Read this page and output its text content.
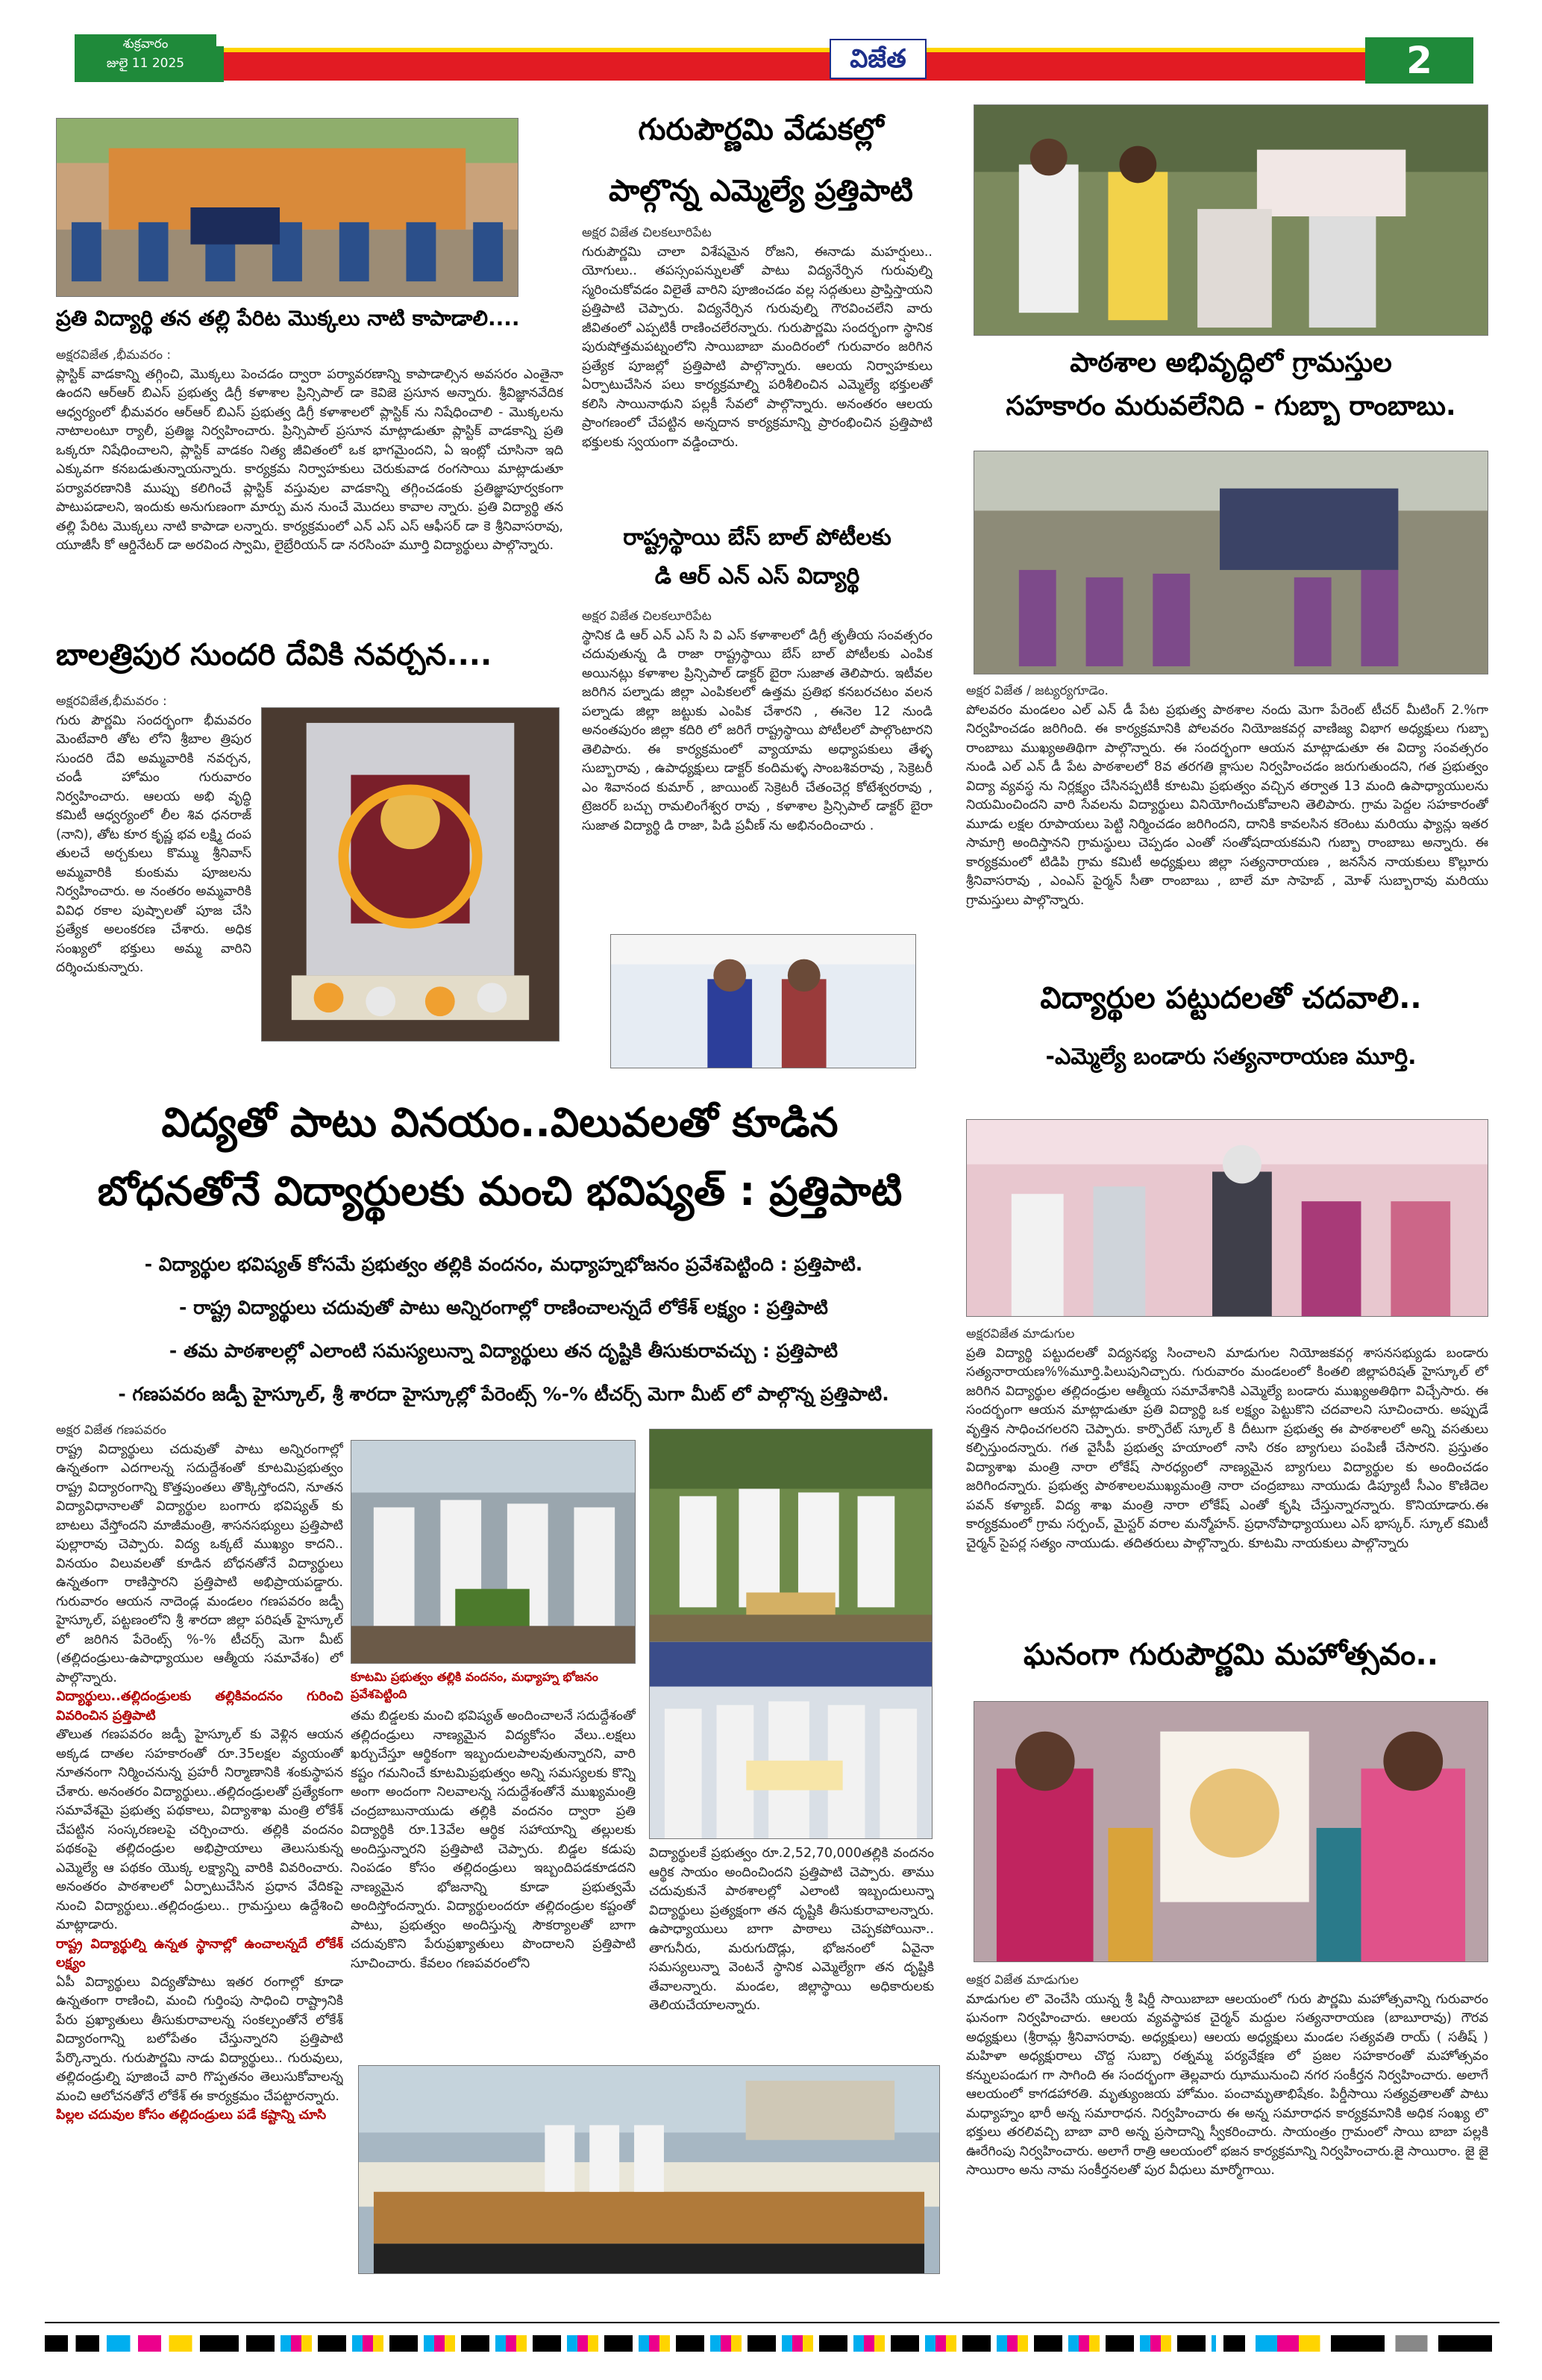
శుక్రవారం
జులై 11 2025	విజేత	2
ప్రతి విద్యార్థి తన తల్లి పేరిట మొక్కలు నాటి కాపాడాలి....
అక్షరవిజేత ,భీమవరం :
ప్లాస్టిక్ వాడకాన్ని తగ్గించి, మొక్కలు పెంచడం ద్వారా పర్యావరణాన్ని కాపాడాల్సిన అవసరం ఎంతైనా ఉందని ఆర్ఆర్ బిఎస్ ప్రభుత్వ డిగ్రీ కళాశాల ప్రిన్సిపాల్ డా కెవిజె ప్రసూన అన్నారు. శ్రీవిజ్ఞానవేదిక ఆధ్వర్యంలో భీమవరం ఆర్ఆర్ బిఎస్ ప్రభుత్వ డిగ్రీ కళాశాలలో ప్లాస్టిక్ ను నిషేధించాలి - మొక్కలను నాటాలంటూ ర్యాలీ, ప్రతిజ్ఞ నిర్వహించారు. ప్రిన్సిపాల్ ప్రసూన మాట్లాడుతూ ప్లాస్టిక్ వాడకాన్ని ప్రతి ఒక్కరూ నిషేధించాలని, ప్లాస్టిక్ వాడకం నిత్య జీవితంలో ఒక భాగమైందని, ఏ ఇంట్లో చూసినా ఇది ఎక్కువగా కనబడుతున్నాయన్నారు. కార్యక్రమ నిర్వాహకులు చెరుకువాడ రంగసాయి మాట్లాడుతూ పర్యావరణానికి ముప్పు కలిగించే ప్లాస్టిక్ వస్తువుల వాడకాన్ని తగ్గించడంకు ప్రతిజ్ఞాపూర్వకంగా పాటుపడాలని, ఇందుకు అనుగుణంగా మార్పు మన నుంచే మొదలు కావాల న్నారు. ప్రతి విద్యార్థి తన తల్లి పేరిట మొక్కలు నాటి కాపాడా లన్నారు. కార్యక్రమంలో ఎన్ ఎస్ ఎస్ ఆఫీసర్ డా కె శ్రీనివాసరావు, యూజీసీ కో ఆర్డినేటర్ డా అరవింద స్వామి, లైబ్రేరియన్ డా నరసింహ మూర్తి విద్యార్థులు పాల్గొన్నారు.
బాలత్రిపుర సుందరి దేవికి నవర్చన....
అక్షరవిజేత,భీమవరం :
గురు పౌర్ణమి సందర్భంగా భీమవరం మెంటేవారి తోట లోని శ్రీబాల త్రిపుర సుందరి దేవి అమ్మవారికి నవర్చన, చండీ హోమం గురువారం నిర్వహించారు. ఆలయ అభి వృద్ధి కమిటీ ఆధ్వర్యంలో లీల శివ ధనరాజ్ (నాని), తోట కూర కృష్ణ భవ లక్ష్మి దంప తులచే అర్చకులు కొమ్ము శ్రీనివాస్ అమ్మవారికి కుంకుమ పూజలను నిర్వహించారు. అ నంతరం అమ్మవారికి వివిధ రకాల పుష్పాలతో పూజ చేసి ప్రత్యేక అలంకరణ చేశారు. అధిక సంఖ్యలో భక్తులు అమ్మ వారిని దర్శించుకున్నారు.
గురుపౌర్ణమి వేడుకల్లో
పాల్గొన్న ఎమ్మెల్యే ప్రత్తిపాటి
అక్షర విజేత చిలకలూరిపేట
గురుపౌర్ణమి చాలా విశేషమైన రోజని, ఈనాడు మహర్షులు.. యోగులు.. తపస్సంపన్నులతో పాటు విద్యనేర్పిన గురువుల్ని స్మరించుకోవడం విలైతే వారిని పూజించడం వల్ల సద్గతులు ప్రాప్తిస్తాయని ప్రత్తిపాటి చెప్పారు. విద్యనేర్పిన గురువుల్ని గౌరవించలేని వారు జీవితంలో ఎప్పటికీ రాణించలేరన్నారు. గురుపౌర్ణమి సందర్భంగా స్థానిక పురుషోత్తమపట్నంలోని సాయిబాబా మందిరంలో గురువారం జరిగిన ప్రత్యేక పూజల్లో ప్రత్తిపాటి పాల్గొన్నారు. ఆలయ నిర్వాహకులు ఏర్పాటుచేసిన పలు కార్యక్రమాల్ని పరిశీలించిన ఎమ్మెల్యే భక్తులతో కలిసి సాయినాథుని పల్లకీ సేవలో పాల్గొన్నారు. అనంతరం ఆలయ ప్రాంగణంలో చేపట్టిన అన్నదాన కార్యక్రమాన్ని ప్రారంభించిన ప్రత్తిపాటి భక్తులకు స్వయంగా వడ్డించారు.
రాష్ట్రస్థాయి బేస్ బాల్ పోటీలకు
డి ఆర్ ఎన్ ఎస్ విద్యార్థి
అక్షర విజేత చిలకలూరిపేట
స్థానిక డి ఆర్ ఎన్ ఎస్ సి వి ఎస్ కళాశాలలో డిగ్రీ తృతీయ సంవత్సరం చదువుతున్న డి రాజా రాష్ట్రస్థాయి బేస్ బాల్ పోటీలకు ఎంపిక అయినట్లు కళాశాల ప్రిన్సిపాల్ డాక్టర్ బైరా సుజాత తెలిపారు. ఇటీవల జరిగిన పల్నాడు జిల్లా ఎంపికలలో ఉత్తమ ప్రతిభ కనబరచటం వలన పల్నాడు జిల్లా జట్టుకు ఎంపిక చేశారని , ఈనెల 12 నుండి అనంతపురం జిల్లా కదిరి లో జరిగే రాష్ట్రస్థాయి పోటీలలో పాల్గొంటారని తెలిపారు. ఈ కార్యక్రమంలో వ్యాయామ అధ్యాపకులు తేళ్ళ సుబ్బారావు , ఉపాధ్యక్షులు డాక్టర్ కందిమళ్ళ సాంబశివరావు , సెక్రెటరీ ఎం శివానంద కుమార్ , జాయింట్ సెక్రెటరీ చేతంచెర్ల కోటేశ్వరరావు , ట్రెజరర్ బచ్చు రామలింగేశ్వర రావు , కళాశాల ప్రిన్సిపాల్ డాక్టర్ బైరా సుజాత విద్యార్థి డి రాజా, పిడి ప్రవీణ్ ను అభినందించారు .
పాఠశాల అభివృద్ధిలో గ్రామస్తుల
సహకారం మరువలేనిది - గుబ్బా రాంబాబు.
అక్షర విజేత / జట్యర్యగూడెం.
పోలవరం మండలం ఎల్ ఎన్ డీ పేట ప్రభుత్వ పాఠశాల నందు మెగా పేరెంట్ టీచర్ మీటింగ్ 2.%గా నిర్వహించడం జరిగింది. ఈ కార్యక్రమానికి పోలవరం నియోజకవర్గ వాణిజ్య విభాగ అధ్యక్షులు గుబ్బా రాంబాబు ముఖ్యఅతిథిగా పాల్గొన్నారు. ఈ సందర్భంగా ఆయన మాట్లాడుతూ ఈ విద్యా సంవత్సరం నుండి ఎల్ ఎన్ డీ పేట పాఠశాలలో 8వ తరగతి క్లాసుల నిర్వహించడం జరుగుతుందని, గత ప్రభుత్వం విద్యా వ్యవస్థ ను నిర్లక్ష్యం చేసినప్పటికీ కూటమి ప్రభుత్వం వచ్చిన తర్వాత 13 మంది ఉపాధ్యాయులను నియమించిందని వారి సేవలను విద్యార్థులు వినియోగించుకోవాలని తెలిపారు. గ్రామ పెద్దల సహకారంతో మూడు లక్షల రూపాయలు పెట్టి నిర్మించడం జరిగిందని, దానికి కావలసిన కరెంటు మరియు ఫ్యాన్లు ఇతర సామాగ్రి అందిస్తానని గ్రామస్థులు చెప్పడం ఎంతో సంతోషదాయకమని గుబ్బా రాంబాబు అన్నారు. ఈ కార్యక్రమంలో టిడిపి గ్రామ కమిటీ అధ్యక్షులు జిల్లా సత్యనారాయణ , జనసేన నాయకులు కొల్లూరు శ్రీనివాసరావు , ఎంఎస్ పైర్మన్ సీతా రాంబాబు , బాలే మా సాహెబ్ , మోళ్ సుబ్బారావు మరియు గ్రామస్తులు పాల్గొన్నారు.
విద్యార్థుల పట్టుదలతో చదవాలి..
-ఎమ్మెల్యే బండారు సత్యనారాయణ మూర్తి.
అక్షరవిజేత మాడుగుల
ప్రతి విద్యార్థి పట్టుదలతో విద్యనభ్య సించాలని మాడుగుల నియోజకవర్గ శాసనసభ్యుడు బండారు సత్యనారాయణ%%మూర్తి.పిలుపునిచ్చారు. గురువారం మండలంలో కింతలి జిల్లాపరిషత్ హైస్కూల్ లో జరిగిన విద్యార్థుల తల్లిదండ్రుల ఆత్మీయ సమావేశానికి ఎమ్మెల్యే బండారు ముఖ్యఅతిథిగా విచ్చేసారు. ఈ సందర్భంగా ఆయన మాట్లాడుతూ ప్రతి విద్యార్థి ఒక లక్ష్యం పెట్టుకొని చదవాలని సూచించారు. అప్పుడే వృత్తిన సాధించగలరని చెప్పారు. కార్పొరేట్ స్కూల్ కి దీటుగా ప్రభుత్వ ఈ పాఠశాలలో అన్ని వసతులు కల్పిస్తుందన్నారు. గత వైసీపీ ప్రభుత్వ హయాంలో నాసి రకం బ్యాగులు పంపిణీ చేసారని. ప్రస్తుతం విద్యాశాఖ మంత్రి నారా లోకేష్ సారధ్యంలో నాణ్యమైన బ్యాగులు విద్యార్థుల కు అందించడం జరిగిందన్నారు. ప్రభుత్వ పాఠశాలలముఖ్యమంత్రి నారా చంద్రబాబు నాయుడు డిప్యూటీ సీఎం కొణిదెల పవన్ కళ్యాణ్. విద్య శాఖ మంత్రి నారా లోకేష్ ఎంతో కృషి చేస్తున్నారన్నారు. కొనియాడారు.ఈ కార్యక్రమంలో గ్రామ సర్పంచ్, మైస్టర్ వరాల మన్మోహన్. ప్రధానోపాధ్యాయులు ఎస్ భాస్కర్. స్కూల్ కమిటీ చైర్మన్ సైపర్ల సత్యం నాయుడు. తదితరులు పాల్గొన్నారు. కూటమి నాయకులు పాల్గొన్నారు
ఘనంగా గురుపౌర్ణమి మహోత్సవం..
అక్షర విజేత మాడుగుల
మాడుగుల లొ వెంచేసి యున్న శ్రీ షిర్డీ సాయిబాబా ఆలయంలో గురు పౌర్ణమి మహోత్సవాన్ని గురువారం ఘనంగా నిర్వహించారు. ఆలయ వ్యవస్థాపక చైర్మన్ మద్దుల సత్యనారాయణ (బాబూరావు) గౌరవ అధ్యక్షులు (శ్రీరామ్ల శ్రీనివాసరావు. అధ్యక్షులు) ఆలయ అధ్యక్షులు మండల సత్యవతి రాయ్ ( సతీష్ ) మహిళా అధ్యక్షురాలు చొద్ద సుబ్బా రత్నమ్మ పర్యవేక్షణ లో ప్రజల సహకారంతో మహోత్సవం కన్నులపండుగ గా సాగింది ఈ సందర్భంగా తెల్లవారు ఝామునుంచి నగర సంకీర్తన నిర్వహించారు. అలాగే ఆలయంలో కాగడహారతి. మృత్యుంజయ హోమం. పంచామృతాభిషేకం. పిర్డీసాయి సత్యవ్రతాలతో పాటు మధ్యాహ్నం భారీ అన్న సమారాధన. నిర్వహించారు ఈ అన్న సమారాధన కార్యక్రమానికి అధిక సంఖ్య లొ భక్తులు తరలివచ్చి బాబా వారి అన్న ప్రసాదాన్ని స్వీకరించారు. సాయంత్రం గ్రామంలో సాయి బాబా పల్లకి ఊరేగింపు నిర్వహించారు. అలాగే రాత్రి ఆలయంలో భజన కార్యక్రమాన్ని నిర్వహించారు.జై సాయిరాం. జై జై సాయిరాం అను నామ సంకీర్తనలతో పుర వీధులు మార్మోగాయి.
విద్యతో పాటు వినయం..విలువలతో కూడిన
బోధనతోనే విద్యార్థులకు మంచి భవిష్యత్ : ప్రత్తిపాటి
- విద్యార్థుల భవిష్యత్ కోసమే ప్రభుత్వం తల్లికి వందనం, మధ్యాహ్నభోజనం ప్రవేశపెట్టింది : ప్రత్తిపాటి.
- రాష్ట్ర విద్యార్థులు చదువుతో పాటు అన్నిరంగాల్లో రాణించాలన్నదే లోకేశ్ లక్ష్యం : ప్రత్తిపాటి
- తమ పాఠశాలల్లో ఎలాంటి సమస్యలున్నా విద్యార్థులు తన దృష్టికి తీసుకురావచ్చు : ప్రత్తిపాటి
- గణపవరం జడ్పీ హైస్కూల్, శ్రీ శారదా హైస్కూల్లో పేరెంట్స్ %-% టీచర్స్ మెగా మీట్ లో పాల్గొన్న ప్రత్తిపాటి.
అక్షర విజేత గణపవరం
రాష్ట్ర విద్యార్థులు చదువుతో పాటు అన్నిరంగాల్లో ఉన్నతంగా ఎదగాలన్న సదుద్దేశంతో కూటమిప్రభుత్వం రాష్ట్ర విద్యారంగాన్ని కొత్తపుంతలు తొక్కిస్తోందని, నూతన విద్యావిధానాలతో విద్యార్థుల బంగారు భవిష్యత్ కు బాటలు వేస్తోందని మాజీమంత్రి, శాసనసభ్యులు ప్రత్తిపాటి పుల్లారావు చెప్పారు. విద్య ఒక్కటే ముఖ్యం కాదని.. వినయం విలువలతో కూడిన బోధనతోనే విద్యార్థులు ఉన్నతంగా రాణిస్తారని ప్రత్తిపాటి అభిప్రాయపడ్డారు. గురువారం ఆయన నాదెండ్ల మండలం గణపవరం జడ్పీ హైస్కూల్, పట్టణంలోని శ్రీ శారదా జిల్లా పరిషత్ హైస్కూల్ లో జరిగిన పేరెంట్స్ %-% టీచర్స్ మెగా మీట్ (తల్లిదండ్రులు-ఉపాధ్యాయుల ఆత్మీయ సమావేశం) లో పాల్గొన్నారు.
విద్యార్థులు..తల్లిదండ్రులకు తల్లికివందనం గురించి వివరించిన ప్రత్తిపాటి
తొలుత గణపవరం జడ్పీ హైస్కూల్ కు వెళ్లిన ఆయన అక్కడ దాతల సహకారంతో రూ.35లక్షల వ్యయంతో నూతనంగా నిర్మించనున్న ప్రహరీ నిర్మాణానికి శంకుస్థాపన చేశారు. అనంతరం విద్యార్థులు..తల్లిదండ్రులతో ప్రత్యేకంగా సమావేశమై ప్రభుత్వ పథకాలు, విద్యాశాఖ మంత్రి లోకేశ్ చేపట్టిన సంస్కరణలపై చర్చించారు. తల్లికి వందనం పథకంపై తల్లిదండ్రుల అభిప్రాయాలు తెలుసుకున్న ఎమ్మెల్యే ఆ పథకం యొక్క లక్ష్యాన్ని వారికి వివరించారు. అనంతరం పాఠశాలలో ఏర్పాటుచేసిన ప్రధాన వేదికపై నుంచి విద్యార్థులు..తల్లిదండ్రులు.. గ్రామస్తులు ఉద్దేశించి మాట్లాడారు.
రాష్ట్ర విద్యార్థుల్ని ఉన్నత స్థానాల్లో ఉంచాలన్నదే లోకేశ్ లక్ష్యం
ఏపీ విద్యార్థులు విద్యతోపాటు ఇతర రంగాల్లో కూడా ఉన్నతంగా రాణించి, మంచి గుర్తింపు సాధించి రాష్ట్రానికి పేరు ప్రఖ్యాతులు తీసుకురావాలన్న సంకల్పంతోనే లోకేశ్ విద్యారంగాన్ని బలోపేతం చేస్తున్నారని ప్రత్తిపాటి పేర్కొన్నారు. గురుపౌర్ణమి నాడు విద్యార్థులు.. గురువులు, తల్లిదండ్రుల్ని పూజించే వారి గొప్పతనం తెలుసుకోవాలన్న మంచి ఆలోచనతోనే లోకేశ్ ఈ కార్యక్రమం చేపట్టారన్నారు.
పిల్లల చదువుల కోసం తల్లిదండ్రులు పడే కష్టాన్ని చూసి
కూటమి ప్రభుత్వం తల్లికి వందనం, మధ్యాహ్న భోజనం ప్రవేశపెట్టింది
తమ బిడ్డలకు మంచి భవిష్యత్ అందించాలనే సదుద్దేశంతో తల్లిదండ్రులు నాణ్యమైన విద్యకోసం వేలు..లక్షలు ఖర్చుచేస్తూ ఆర్థికంగా ఇబ్బందులపాలవుతున్నారని, వారి కష్టం గమనించే కూటమిప్రభుత్వం అన్ని సమస్యలకు కొన్ని అంగా అందంగా నిలవాలన్న సదుద్దేశంతోనే ముఖ్యమంత్రి చంద్రబాబునాయుడు తల్లికి వందనం ద్వారా ప్రతి విద్యార్థికి రూ.13వేల ఆర్థిక సహాయాన్ని తల్లులకు అందిస్తున్నారని ప్రత్తిపాటి చెప్పారు. బిడ్డల కడుపు నింపడం కోసం తల్లిదండ్రులు ఇబ్బందిపడకూడదని నాణ్యమైన భోజనాన్ని కూడా ప్రభుత్వమే అందిస్తోందన్నారు. విద్యార్థులందరూ తల్లిదండ్రుల కష్టంతో పాటు, ప్రభుత్వం అందిస్తున్న సౌకర్యాలతో బాగా చదువుకొని పేరుప్రఖ్యాతులు పొందాలని ప్రత్తిపాటి సూచించారు. కేవలం గణపవరంలోని
విద్యార్థులకే ప్రభుత్వం రూ.2,52,70,000తల్లికి వందనం ఆర్థిక సాయం అందించిందని ప్రత్తిపాటి చెప్పారు. తాము చదువుకునే పాఠశాలల్లో ఎలాంటి ఇబ్బందులున్నా విద్యార్థులు ప్రత్యక్షంగా తన దృష్టికి తీసుకురావాలన్నారు. ఉపాధ్యాయులు బాగా పాఠాలు చెప్పకపోయినా.. తాగునీరు, మరుగుదొడ్లు, భోజనంలో ఏవైనా సమస్యలున్నా వెంటనే స్థానిక ఎమ్మెల్యేగా తన దృష్టికి తేవాలన్నారు. మండల, జిల్లాస్థాయి అధికారులకు తెలియచేయాలన్నారు.
